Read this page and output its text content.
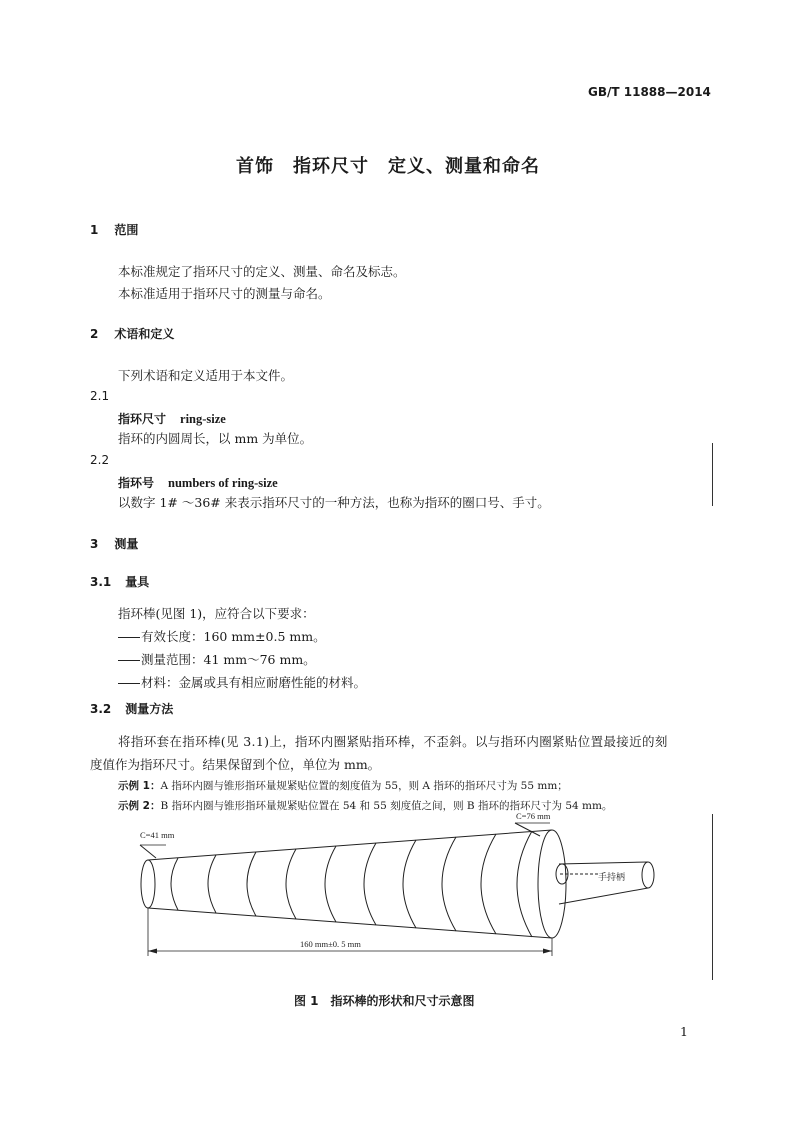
GB/T 11888—2014
首饰　指环尺寸　定义、测量和命名
1 范围
本标准规定了指环尺寸的定义、测量、命名及标志。
本标准适用于指环尺寸的测量与命名。
2 术语和定义
下列术语和定义适用于本文件。
2.1
指环尺寸 ring-size
指环的内圆周长，以 mm 为单位。
2.2
指环号 numbers of ring-size
以数字 1# ～36# 来表示指环尺寸的一种方法，也称为指环的圈口号、手寸。
3 测量
3.1 量具
指环棒(见图 1)，应符合以下要求：
有效长度：160 mm±0.5 mm。
测量范围：41 mm～76 mm。
材料：金属或具有相应耐磨性能的材料。
3.2 测量方法
将指环套在指环棒(见 3.1)上，指环内圈紧贴指环棒，不歪斜。以与指环内圈紧贴位置最接近的刻
度值作为指环尺寸。结果保留到个位，单位为 mm。
示例 1：A 指环内圈与锥形指环量规紧贴位置的刻度值为 55，则 A 指环的指环尺寸为 55 mm；
示例 2：B 指环内圈与锥形指环量规紧贴位置在 54 和 55 刻度值之间，则 B 指环的指环尺寸为 54 mm。
C=41 mm
C=76 mm
手持柄
160 mm±0. 5 mm
图 1　指环棒的形状和尺寸示意图
1
